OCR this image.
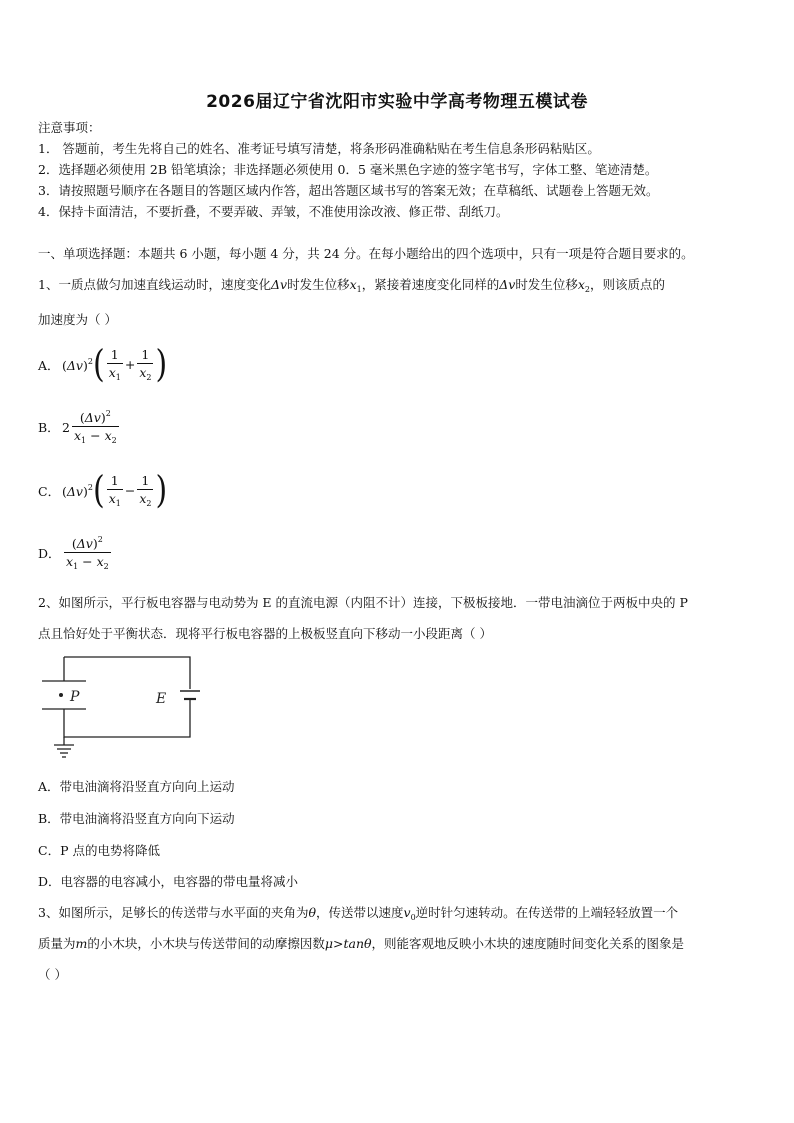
2026届辽宁省沈阳市实验中学高考物理五模试卷
注意事项：
1． 答题前，考生先将自己的姓名、准考证号填写清楚，将条形码准确粘贴在考生信息条形码粘贴区。
2．选择题必须使用 2B 铅笔填涂；非选择题必须使用 0．5 毫米黑色字迹的签字笔书写，字体工整、笔迹清楚。
3．请按照题号顺序在各题目的答题区域内作答，超出答题区域书写的答案无效；在草稿纸、试题卷上答题无效。
4．保持卡面清洁，不要折叠，不要弄破、弄皱，不准使用涂改液、修正带、刮纸刀。
一、单项选择题：本题共 6 小题，每小题 4 分，共 24 分。在每小题给出的四个选项中，只有一项是符合题目要求的。
1、一质点做匀加速直线运动时，速度变化Δv时发生位移$x_1$，紧接着速度变化同样的Δv时发生位移$x_2$，则该质点的
加速度为（ ）
A． $(\Delta v)^2$ ( $\frac{1}{x_1} + \frac{1}{x_2}$ )
B． $2 \frac{(\Delta v)^2}{x_1 - x_2}$
C． $(\Delta v)^2$ ( $\frac{1}{x_1} - \frac{1}{x_2}$ )
D． $\frac{(\Delta v)^2}{x_1 - x_2}$
2、如图所示，平行板电容器与电动势为 E 的直流电源（内阻不计）连接，下极板接地．一带电油滴位于两板中央的 P
点且恰好处于平衡状态．现将平行板电容器的上极板竖直向下移动一小段距离（ ）
P	E
A．带电油滴将沿竖直方向向上运动
B．带电油滴将沿竖直方向向下运动
C．P 点的电势将降低
D．电容器的电容减小，电容器的带电量将减小
3、如图所示，足够长的传送带与水平面的夹角为θ，传送带以速度$v_0$逆时针匀速转动。在传送带的上端轻轻放置一个
质量为m的小木块，小木块与传送带间的动摩擦因数μ>tanθ，则能客观地反映小木块的速度随时间变化关系的图象是
（ ）
